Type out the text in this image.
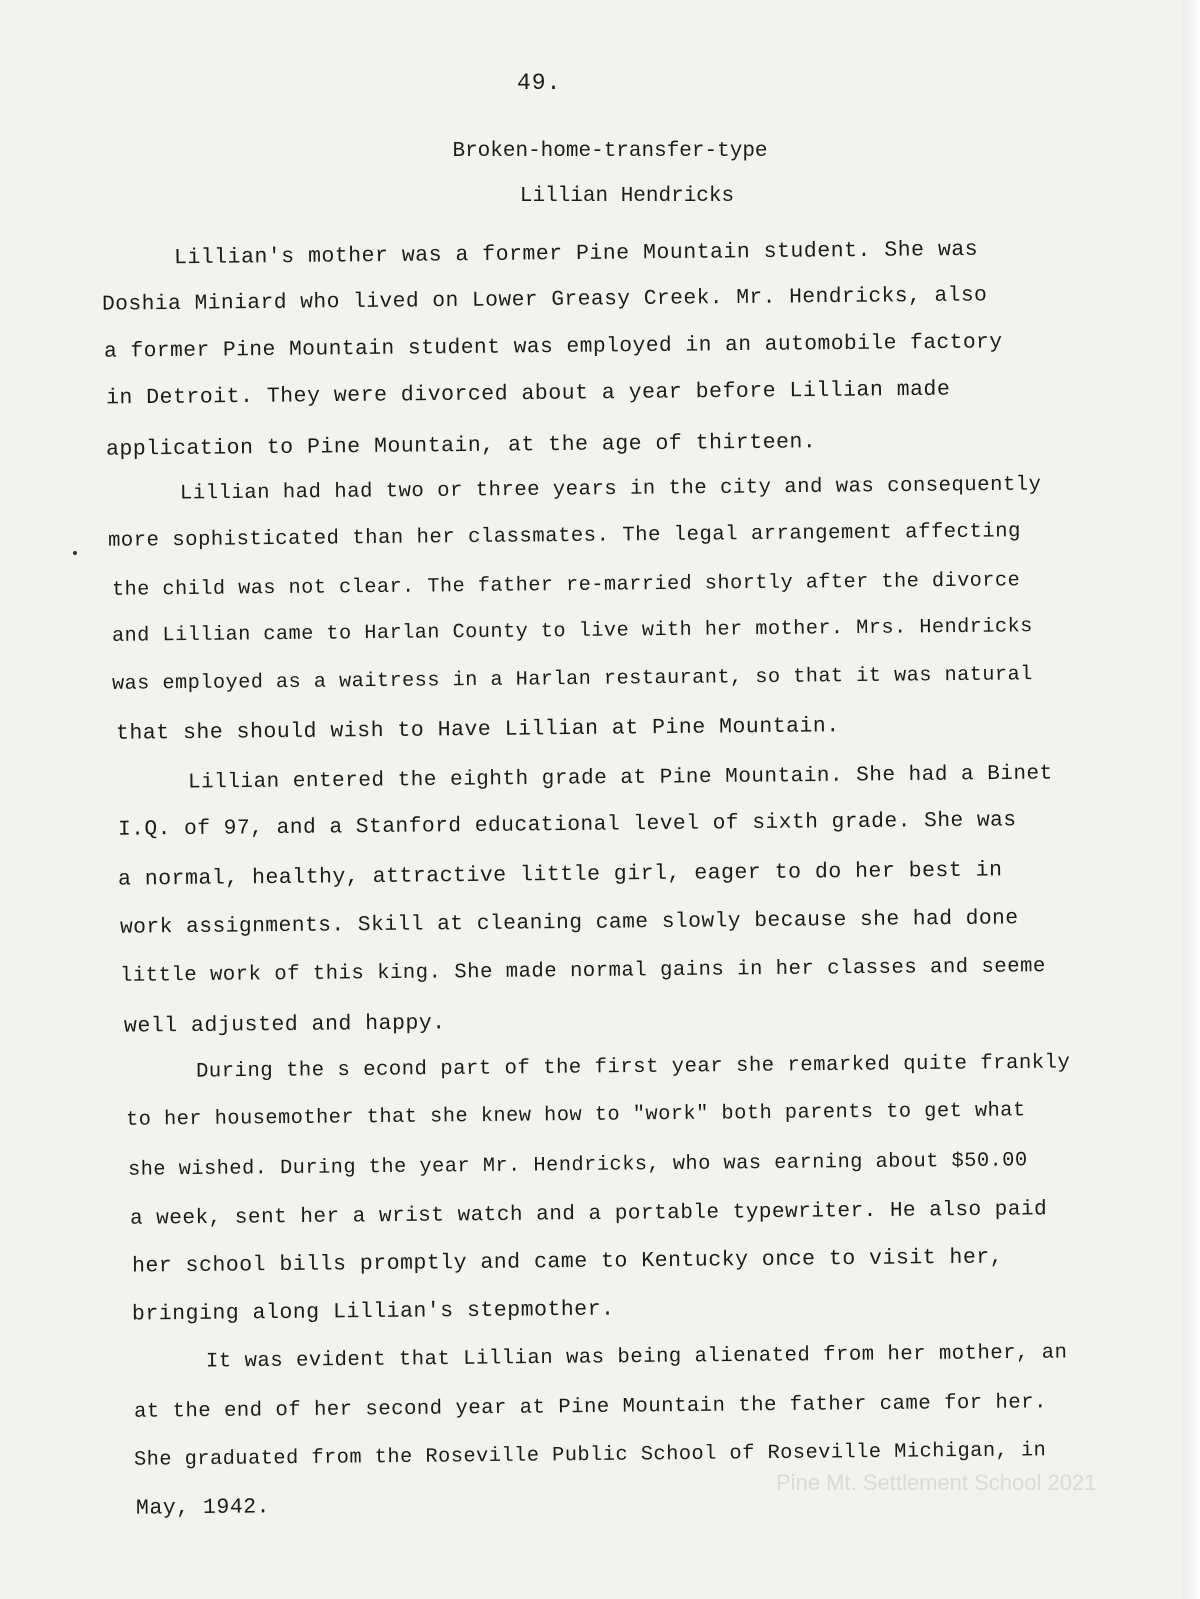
49.
Broken-home-transfer-type
Lillian Hendricks
Lillian's mother was a former Pine Mountain student. She was
Doshia Miniard who lived on Lower Greasy Creek. Mr. Hendricks, also
a former Pine Mountain student was employed in an automobile factory
in Detroit. They were divorced about a year before Lillian made
application to Pine Mountain, at the age of thirteen.
Lillian had had two or three years in the city and was consequently
more sophisticated than her classmates. The legal arrangement affecting
the child was not clear. The father re-married shortly after the divorce
and Lillian came to Harlan County to live with her mother. Mrs. Hendricks
was employed as a waitress in a Harlan restaurant, so that it was natural
that she should wish to Have Lillian at Pine Mountain.
Lillian entered the eighth grade at Pine Mountain. She had a Binet
I.Q. of 97, and a Stanford educational level of sixth grade. She was
a normal, healthy, attractive little girl, eager to do her best in
work assignments. Skill at cleaning came slowly because she had done
little work of this king. She made normal gains in her classes and seeme
well adjusted and happy.
During the s econd part of the first year she remarked quite frankly
to her housemother that she knew how to "work" both parents to get what
she wished. During the year Mr. Hendricks, who was earning about $50.00
a week, sent her a wrist watch and a portable typewriter. He also paid
her school bills promptly and came to Kentucky once to visit her,
bringing along Lillian's stepmother.
It was evident that Lillian was being alienated from her mother, an
at the end of her second year at Pine Mountain the father came for her.
She graduated from the Roseville Public School of Roseville Michigan, in
May, 1942.
Pine Mt. Settlement School 2021
